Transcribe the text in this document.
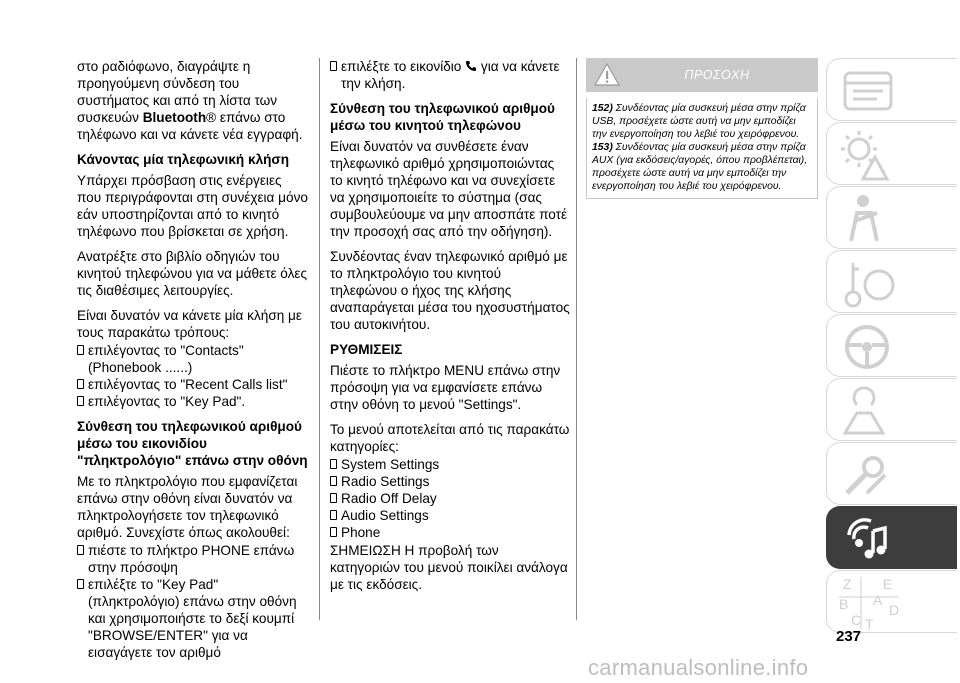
στο ραδιόφωνο, διαγράψτε η προηγούμενη σύνδεση του συστήματος και από τη λίστα των συσκευών Bluetooth® επάνω στο τηλέφωνο και να κάνετε νέα εγγραφή.

Κάνοντας μία τηλεφωνική κλήση

Υπάρχει πρόσβαση στις ενέργειες που περιγράφονται στη συνέχεια μόνο εάν υποστηρίζονται από το κινητό τηλέφωνο που βρίσκεται σε χρήση.

Ανατρέξτε στο βιβλίο οδηγιών του κινητού τηλεφώνου για να μάθετε όλες τις διαθέσιμες λειτουργίες.

Είναι δυνατόν να κάνετε μία κλήση με τους παρακάτω τρόπους:

επιλέγοντας το "Contacts" (Phonebook ......)
επιλέγοντας το "Recent Calls list"
επιλέγοντας το "Key Pad".
Σύνθεση του τηλεφωνικού αριθμού μέσω του εικονιδίου "πληκτρολόγιο" επάνω στην οθόνη

Με το πληκτρολόγιο που εμφανίζεται επάνω στην οθόνη είναι δυνατόν να πληκτρολογήσετε τον τηλεφωνικό αριθμό. Συνεχίστε όπως ακολουθεί:

πιέστε το πλήκτρο PHONE επάνω στην πρόσοψη
επιλέξτε το "Key Pad" (πληκτρολόγιο) επάνω στην οθόνη και χρησιμοποιήστε το δεξί κουμπί "BROWSE/ENTER" για να εισαγάγετε τον αριθμό
επιλέξτε το εικονίδιο  για να κάνετε την κλήση.
Σύνθεση του τηλεφωνικού αριθμού μέσω του κινητού τηλεφώνου

Είναι δυνατόν να συνθέσετε έναν τηλεφωνικό αριθμό χρησιμοποιώντας το κινητό τηλέφωνο και να συνεχίσετε να χρησιμοποιείτε το σύστημα (σας συμβουλεύουμε να μην αποσπάτε ποτέ την προσοχή σας από την οδήγηση).

Συνδέοντας έναν τηλεφωνικό αριθμό με το πληκτρολόγιο του κινητού τηλεφώνου ο ήχος της κλήσης αναπαράγεται μέσα του ηχοσυστήματος του αυτοκινήτου.

ΡΥΘΜΙΣΕΙΣ

Πιέστε το πλήκτρο MENU επάνω στην πρόσοψη για να εμφανίσετε επάνω στην οθόνη το μενού "Settings".

Το μενού αποτελείται από τις παρακάτω κατηγορίες:

System Settings
Radio Settings
Radio Off Delay
Audio Settings
Phone

ΣΗΜΕΙΩΣΗ Η προβολή των κατηγοριών του μενού ποικίλει ανάλογα με τις εκδόσεις.

ΠΡΟΣΟΧΗ

152) Συνδέοντας μία συσκευή μέσα στην πρίζα USB, προσέχετε ώστε αυτή να μην εμποδίζει την ενεργοποίηση του λεβιέ του χειρόφρενου.

153) Συνδέοντας μία συσκευή μέσα στην πρίζα AUX (για εκδόσεις/αγορές, όπου προβλέπεται), προσέχετε ώστε αυτή να μην εμποδίζει την ενεργοποίηση του λεβιέ του χειρόφρενου.

Z E
A
B
C T
D
237
carmanualsonline.info
